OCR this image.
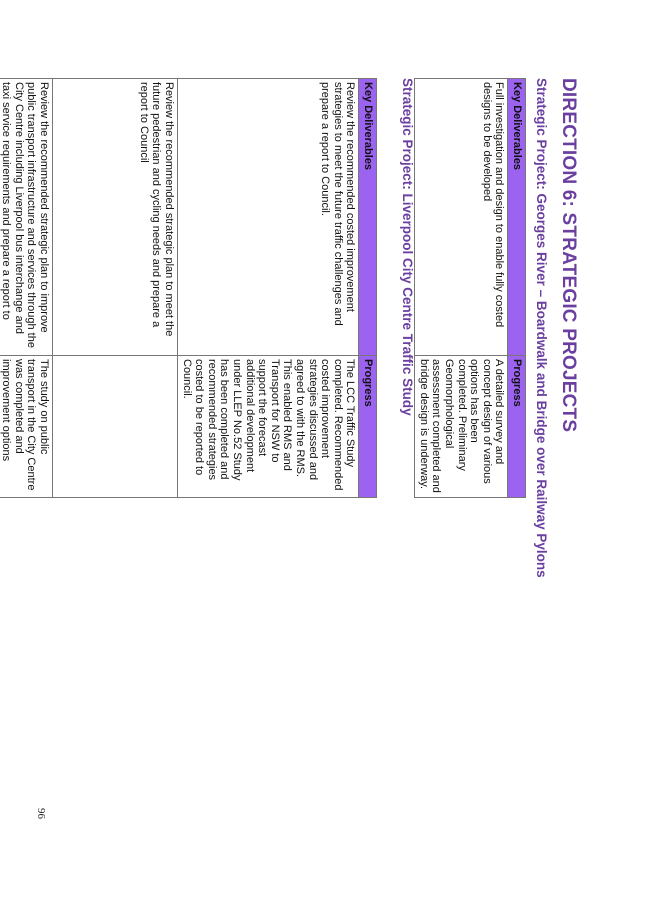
DIRECTION 6: STRATEGIC PROJECTS
Strategic Project: Georges River – Boardwalk and Bridge over Railway Pylons
Key Deliverables	Progress
Full investigation and design to enable fully costed designs to be developed	A detailed survey and concept design of various options has been completed. Preliminary Geomorphological assessment completed and bridge design is underway.
Strategic Project: Liverpool City Centre Traffic Study
Key Deliverables	Progress
Review the recommended costed improvement strategies to meet the future traffic challenges and prepare a report to Council.	The LCC Traffic Study completed. Recommended costed improvement strategies discussed and agreed to with the RMS. This enabled RMS and Transport for NSW to support the forecast additional development under LLEP No.52 Study has been completed and recommended strategies costed to be reported to Council.
Review the recommended strategic plan to meet the future pedestrian and cycling needs and prepare a report to Council	
Review the recommended strategic plan to improve public transport infrastructure and services through the City Centre including Liverpool bus interchange and taxi service requirements and prepare a report to	The study on public transport in the City Centre was completed and improvement options

96
